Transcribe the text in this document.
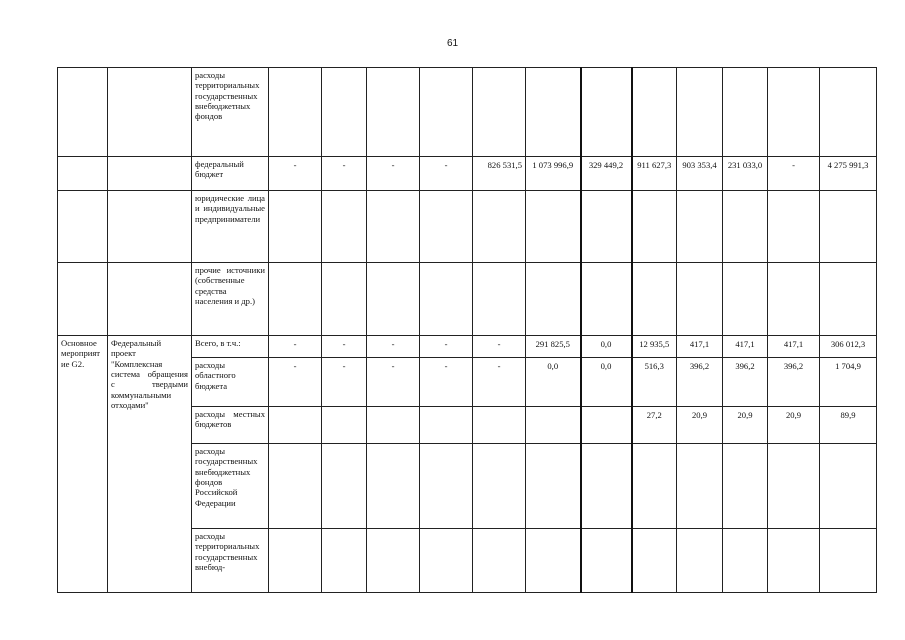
61
		расходы территориальных государственных внебюджетных фондов												
		федеральный бюджет	-	-	-	-	826 531,5	1 073 996,9	329 449,2	911 627,3	903 353,4	231 033,0	-	4 275 991,3
		юридические лица и индивидуальные предприниматели												
		прочие источники (собственные средства населения и др.)												
Основное мероприятие G2.	Федеральный проект "Комплексная система обращения с твердыми коммунальными отходами"	Всего, в т.ч.:	-	-	-	-	-	291 825,5	0,0	12 935,5	417,1	417,1	417,1	306 012,3
		расходы областного бюджета	-	-	-	-	-	0,0	0,0	516,3	396,2	396,2	396,2	1 704,9
		расходы местных бюджетов								27,2	20,9	20,9	20,9	89,9
		расходы государственных внебюджетных фондов Российской Федерации												
		расходы территориальных государственных внебюд-												
